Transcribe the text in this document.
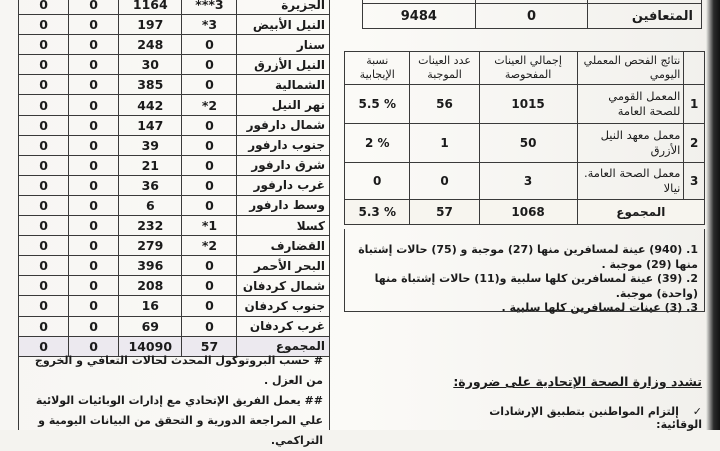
الجزيرة	3***	1164	0	0
النيل الأبيض	3*	197	0	0
سنار	0	248	0	0
النيل الأزرق	0	30	0	0
الشمالية	0	385	0	0
نهر النيل	2*	442	0	0
شمال دارفور	0	147	0	0
جنوب دارفور	0	39	0	0
شرق دارفور	0	21	0	0
غرب دارفور	0	36	0	0
وسط دارفور	0	6	0	0
كسلا	1*	232	0	0
القضارف	2*	279	0	0
البحر الأحمر	0	396	0	0
شمال كردفان	0	208	0	0
جنوب كردفان	0	16	0	0
غرب كردفان	0	69	0	0
المجموع	57	14090	0	0
# حسب البروتوكول المحدث لحالات التعافي و الخروج من العزل .
## يعمل الفريق الإتحادي مع إدارات الوبائيات الولائية علي المراجعة الدورية و التحقق من البيانات اليومية و التراكمي.

المتعافين	0	9484
	نتائج الفحص المعملي اليومي	إجمالي العينات المفحوصة	عدد العينات الموجبة	نسبة الإيجابية
1	المعمل القومي للصحة العامة	1015	56	% 5.5
2	معمل معهد النيل الأزرق	50	1	% 2
3	معمل الصحة العامة. نيالا	3	0	0
المجموع		1068	57	% 5.3

1. (940) عينة لمسافرين منها (27) موجبة و (75) حالات إشتباة منها (29) موجبة .

2. (39) عينة لمسافرين كلها سلبية و(11) حالات إشتباة منها (واحدة) موجبة.

3. (3) عينات لمسافرين كلها سلبية .

تشدد وزارة الصحة الإتحادية على ضرورة:
✓ إلتزام المواطنين بتطبيق الإرشادات الوقائية:
